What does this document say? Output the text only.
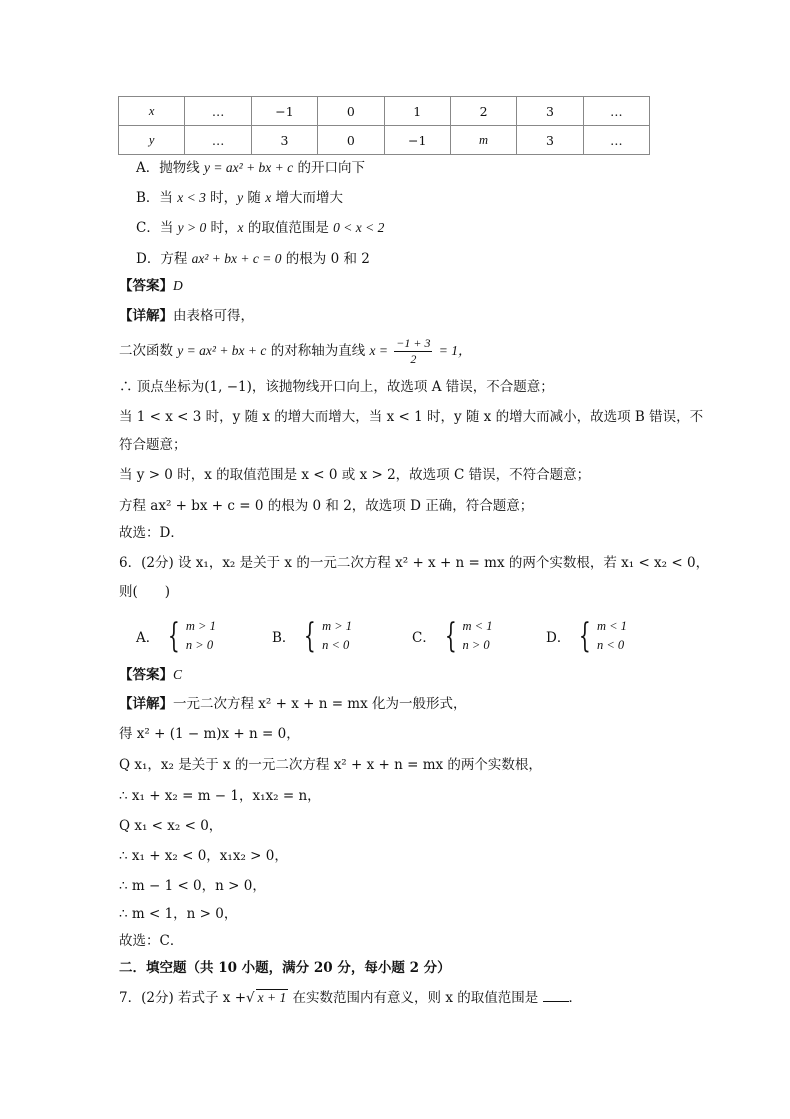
x	…	−1	0	1	2	3	…
y	…	3	0	−1	m	3	…
A．抛物线 y = ax² + bx + c 的开口向下
B．当 x < 3 时，y 随 x 增大而增大
C．当 y > 0 时，x 的取值范围是 0 < x < 2
D．方程 ax² + bx + c = 0 的根为 0 和 2
【答案】D
【详解】由表格可得，
二次函数 y = ax² + bx + c 的对称轴为直线 $x = \frac{-1 + 3}{2} = 1$，
∴ 顶点坐标为(1, −1)，该抛物线开口向上，故选项 A 错误，不合题意；
当 1 < x < 3 时，y 随 x 的增大而增大，当 x < 1 时，y 随 x 的增大而减小，故选项 B 错误，不
符合题意；
当 y > 0 时，x 的取值范围是 x < 0 或 x > 2，故选项 C 错误，不符合题意；
方程 ax² + bx + c = 0 的根为 0 和 2，故选项 D 正确，符合题意；
故选：D．
6．(2分) 设 x₁，x₂ 是关于 x 的一元二次方程 x² + x + n = mx 的两个实数根，若 x₁ < x₂ < 0，
则(　　)
A． { m > 1
n > 0	B． { m > 1
n < 0	C． { m < 1
n > 0	D． { m < 1
n < 0
【答案】C
【详解】一元二次方程 x² + x + n = mx 化为一般形式，
得 x² + (1 − m)x + n = 0，
Q x₁，x₂ 是关于 x 的一元二次方程 x² + x + n = mx 的两个实数根，
∴ x₁ + x₂ = m − 1，x₁x₂ = n，
Q x₁ < x₂ < 0，
∴ x₁ + x₂ < 0，x₁x₂ > 0，
∴ m − 1 < 0，n > 0，
∴ m < 1，n > 0，
故选：C．
二．填空题（共 10 小题，满分 20 分，每小题 2 分）
7．(2分) 若式子 x +√ x + 1 在实数范围内有意义，则 x 的取值范围是 ．
